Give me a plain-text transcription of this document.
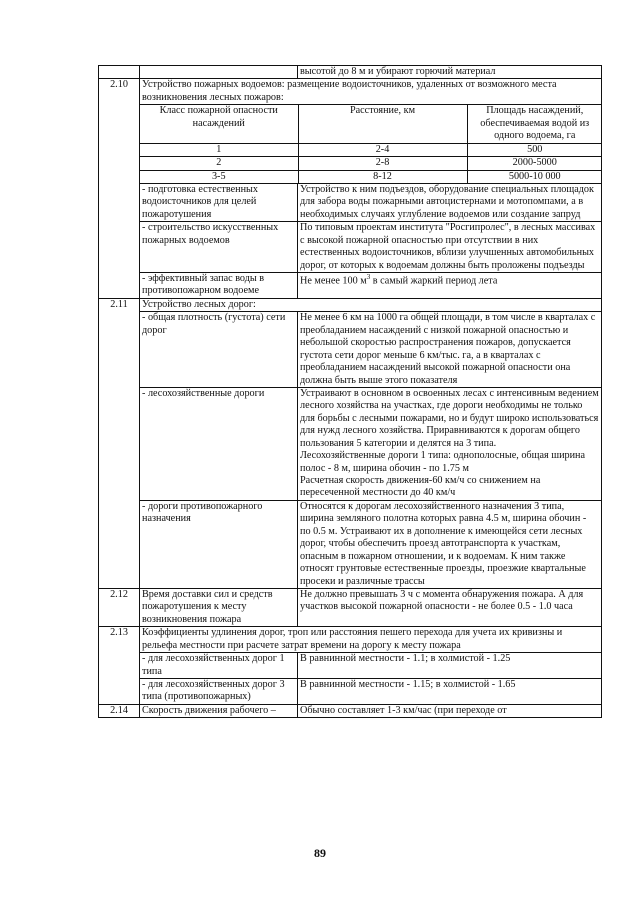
		высотой до 8 м и убирают горючий материал
2.10	Устройство пожарных водоемов: размещение водоисточников, удаленных от возможного места возникновения лесных пожаров:

Класс пожарной опасности насаждений	Расстояние, км	Площадь насаждений, обеспечиваемая водой из одного водоема, га
1	2-4	500
2	2-8	2000-5000
3-5	8-12	5000-10 000

- подготовка естественных водоисточников для целей пожаротушения	Устройство к ним подъездов, оборудование специальных площадок для забора воды пожарными автоцистернами и мотопомпами, а в необходимых случаях углубление водоемов или создание запруд
- строительство искусственных пожарных водоемов	По типовым проектам института "Росгипролес", в лесных массивах с высокой пожарной опасностью при отсутствии в них естественных водоисточников, вблизи улучшенных автомобильных дорог, от которых к водоемам должны быть проложены подъезды
- эффективный запас воды в противопожарном водоеме	Не менее 100 $м^3$ в самый жаркий период лета
2.11	Устройство лесных дорог:
- общая плотность (густота) сети дорог	Не менее 6 км на 1000 га общей площади, в том числе в кварталах с преобладанием насаждений с низкой пожарной опасностью и небольшой скоростью распространения пожаров, допускается густота сети дорог меньше 6 км/тыс. га, а в кварталах с преобладанием насаждений высокой пожарной опасности она должна быть выше этого показателя
- лесохозяйственные дороги	Устраивают в основном в освоенных лесах с интенсивным ведением лесного хозяйства на участках, где дороги необходимы не только для борьбы с лесными пожарами, но и будут широко использоваться для нужд лесного хозяйства. Приравниваются к дорогам общего пользования 5 категории и делятся на 3 типа.

Лесохозяйственные дороги 1 типа: однополосные, общая ширина полос - 8 м, ширина обочин - по 1.75 м

Расчетная скорость движения-60 км/ч со снижением на пересеченной местности до 40 км/ч

- дороги противопожарного назначения	Относятся к дорогам лесохозяйственного назначения 3 типа, ширина земляного полотна которых равна 4.5 м, ширина обочин - по 0.5 м. Устраивают их в дополнение к имеющейся сети лесных дорог, чтобы обеспечить проезд автотранспорта к участкам, опасным в пожарном отношении, и к водоемам. К ним также относят грунтовые естественные проезды, проезжие квартальные просеки и различные трассы
2.12	Время доставки сил и средств пожаротушения к месту возникновения пожара	Не должно превышать 3 ч с момента обнаружения пожара. А для участков высокой пожарной опасности - не более 0.5 - 1.0 часа
2.13	Коэффициенты удлинения дорог, троп или расстояния пешего перехода для учета их кривизны и рельефа местности при расчете затрат времени на дорогу к месту пожара
- для лесохозяйственных дорог 1 типа	В равнинной местности - 1.1; в холмистой - 1.25
- для лесохозяйственных дорог 3 типа (противопожарных)	В равнинной местности - 1.15; в холмистой - 1.65
2.14	Скорость движения рабочего –	Обычно составляет 1-3 км/час (при переходе от
89
